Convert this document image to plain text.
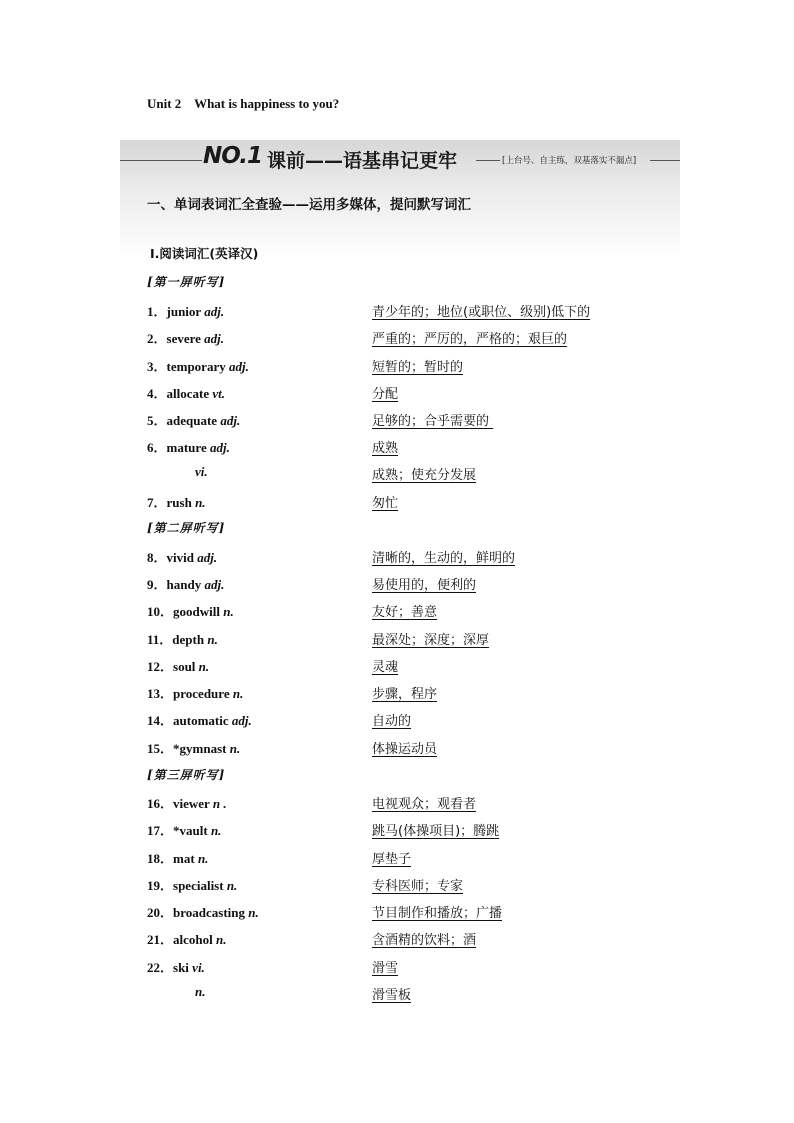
Unit 2    What is happiness to you?
NO.1 课前——语基串记更牢	[上台号、自主练，双基落实不漏点]
一、单词表词汇全查验——运用多媒体，提问默写词汇
Ⅰ.阅读词汇(英译汉)
[第一屏听写]
[第二屏听写]
[第三屏听写]
1．junior adj.	青少年的；地位(或职位、级别)低下的
2．severe adj.	严重的；严厉的，严格的；艰巨的
3．temporary adj.	短暂的；暂时的
4．allocate vt.	分配
5．adequate adj.	足够的；合乎需要的
6．mature adj.	成熟
vi.	成熟；使充分发展
7．rush n.	匆忙
8．vivid adj.	清晰的，生动的，鲜明的
9．handy adj.	易使用的，便利的
10．goodwill n.	友好；善意
11．depth n.	最深处；深度；深厚
12．soul n.	灵魂
13．procedure n.	步骤，程序
14．automatic adj.	自动的
15．*gymnast n.	体操运动员
16．viewer n .	电视观众；观看者
17．*vault n.	跳马(体操项目)；腾跳
18．mat n.	厚垫子
19．specialist n.	专科医师；专家
20．broadcasting n.	节目制作和播放；广播
21．alcohol n.	含酒精的饮料；酒
22．ski vi.	滑雪
n.	滑雪板
